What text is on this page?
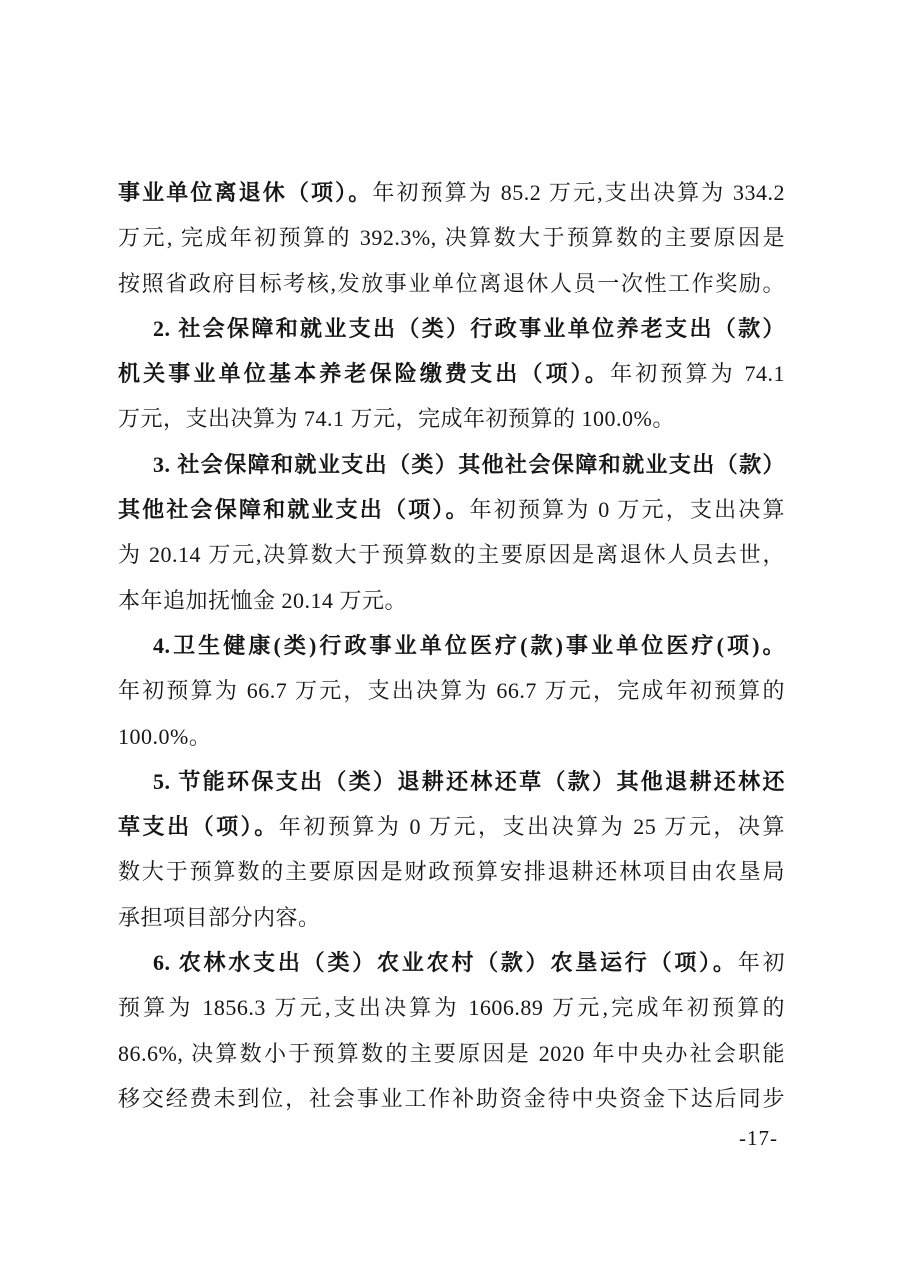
事业单位离退休（项）。年初预算为 85.2 万元,支出决算为 334.2
万元, 完成年初预算的 392.3%, 决算数大于预算数的主要原因是
按照省政府目标考核,发放事业单位离退休人员一次性工作奖励。
2. 社会保障和就业支出（类）行政事业单位养老支出（款）
机关事业单位基本养老保险缴费支出（项）。年初预算为 74.1
万元，支出决算为 74.1 万元，完成年初预算的 100.0%。
3. 社会保障和就业支出（类）其他社会保障和就业支出（款）
其他社会保障和就业支出（项）。年初预算为 0 万元，支出决算
为 20.14 万元,决算数大于预算数的主要原因是离退休人员去世，
本年追加抚恤金 20.14 万元。
4.卫生健康(类)行政事业单位医疗(款)事业单位医疗(项)。
年初预算为 66.7 万元，支出决算为 66.7 万元，完成年初预算的
100.0%。
5. 节能环保支出（类）退耕还林还草（款）其他退耕还林还
草支出（项）。年初预算为 0 万元，支出决算为 25 万元，决算
数大于预算数的主要原因是财政预算安排退耕还林项目由农垦局
承担项目部分内容。
6. 农林水支出（类）农业农村（款）农垦运行（项）。年初
预算为 1856.3 万元,支出决算为 1606.89 万元,完成年初预算的
86.6%, 决算数小于预算数的主要原因是 2020 年中央办社会职能
移交经费未到位，社会事业工作补助资金待中央资金下达后同步
-17-
